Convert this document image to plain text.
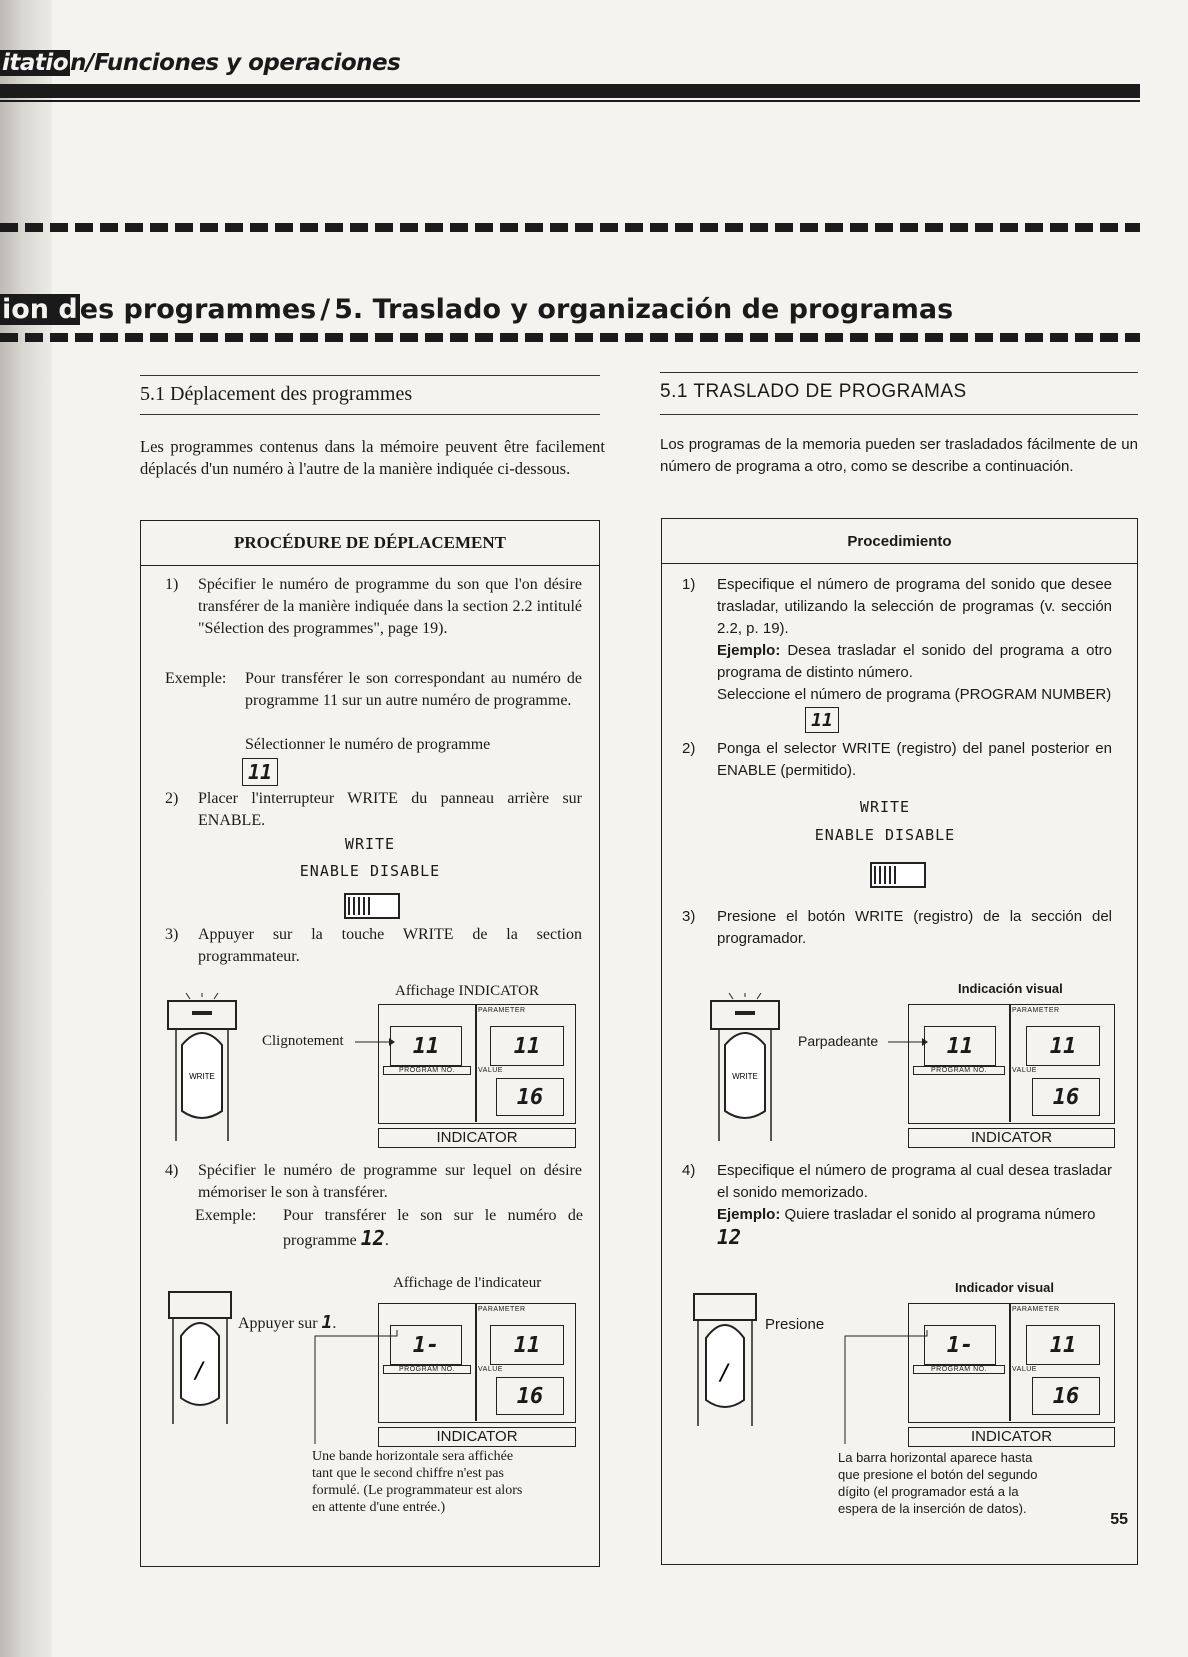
itation/Funciones y operaciones
ion des programmes / 5. Traslado y organización de programas
5.1 Déplacement des programmes
Les programmes contenus dans la mémoire peuvent être facilement déplacés d'un numéro à l'autre de la manière indiquée ci-dessous.
PROCÉDURE DE DÉPLACEMENT
1) Spécifier le numéro de programme du son que l'on désire transférer de la manière indiquée dans la section 2.2 intitulé "Sélection des programmes", page 19).
Exemple: Pour transférer le son correspondant au numéro de programme 11 sur un autre numéro de programme.
Sélectionner le numéro de programme
11
2) Placer l'interrupteur WRITE du panneau arrière sur ENABLE.
WRITE
ENABLE DISABLE
3) Appuyer sur la touche WRITE de la section programmateur.
Affichage INDICATOR
WRITE
Clignotement
PARAMETER
11	11
PROGRAM NO.	VALUE
16
INDICATOR
4) Spécifier le numéro de programme sur lequel on désire mémoriser le son à transférer.
Exemple: Pour transférer le son sur le numéro de programme 12.
Affichage de l'indicateur
/
Appuyer sur 1.
PARAMETER
1-	11
PROGRAM NO.	VALUE
16
INDICATOR
Une bande horizontale sera affichée tant que le second chiffre n'est pas formulé. (Le programmateur est alors en attente d'une entrée.)
5.1 TRASLADO DE PROGRAMAS
Los programas de la memoria pueden ser trasladados fácilmente de un número de programa a otro, como se describe a continuación.
Procedimiento
1) Especifique el número de programa del sonido que desee trasladar, utilizando la selección de programas (v. sección 2.2, p. 19).
Ejemplo: Desea trasladar el sonido del programa a otro programa de distinto número.
Seleccione el número de programa (PROGRAM NUMBER)
11
2) Ponga el selector WRITE (registro) del panel posterior en ENABLE (permitido).
WRITE
ENABLE DISABLE
3) Presione el botón WRITE (registro) de la sección del programador.
Indicación visual
WRITE
Parpadeante
PARAMETER
11	11
PROGRAM NO.	VALUE
16
INDICATOR
4) Especifique el número de programa al cual desea trasladar el sonido memorizado.
Ejemplo: Quiere trasladar el sonido al programa número 12
Indicador visual
/
Presione
PARAMETER
1-	11
PROGRAM NO.	VALUE
16
INDICATOR
La barra horizontal aparece hasta que presione el botón del segundo dígito (el programador está a la espera de la inserción de datos).
55
